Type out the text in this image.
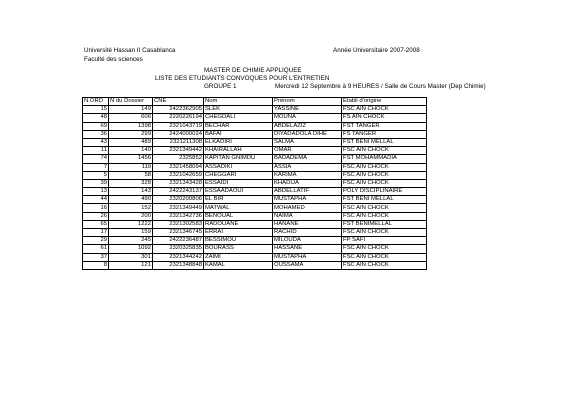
Université Hassan II Casablanca
Faculté des sciences
Année Universitaire 2007-2008
MASTER DE CHIMIE APPLIQUEE
LISTE DES ETUDIANTS CONVOQUES POUR L'ENTRETIEN
GROUPE 1	Mercredi 12 Septembre à 9 HEURES / Salle de Cours Master (Dep Chimie)
N.ORD	N du Dossier	CNE	Nom	Prénom	Etabli d'origine
15	149	2422362905	SLEK	YASSINE	FSC AIN CHOCK
48	606	2220226194	CHEGDALI	MOUNA	FS AIN CHOCK
69	1398	2321043719	BECHAR	ABDELAZIZ	FST TANGER
36	299	2424000024	BAFAI	DIYADADOLA DIHE	FS TANGER
43	489	2321211308	ELKADIRI	SALMA	FST BENI MELLAL
11	140	2321349442	KHAIRALLAH	OMAR	FSC AIN CHOCK
74	1456	2325852	KAPITAN GNIMDU	BADADEMA	FST MOHAMMADIA
7	119	2321458094	ASSADIKI	ASSIA	FSC AIN CHOCK
5	58	2321042659	CHEGGARI	KARIMA	FSC AIN CHOCK
39	328	2321343428	ESSAIDI	KHADIJA	FSC AIN CHOCK
13	143	2422243137	ESSAADAOUI	ABDELLATIF	POLY DISCIPLINAIRE
44	490	2320200806	EL BIR	MUSTAPHA	FST BENI MELLAL
16	152	2321349449	MATWAL	MOHAMED	FSC AIN CHOCK
26	200	2321342736	BENOUAL	NAIMA	FSC AIN CHOCK
65	1222	2321302583	RADOUANE	HANANE	FST BENIMELLAL
17	159	2321346745	ERRAI	RACHID	FSC AIN CHOCK
29	245	2422236487	BESSIMOU	MILOUDA	FP SAFI
61	1092	2320325835	BOURASS	HASSANE	FSC AIN CHOCK
37	301	2321344242	ZAIMI	MUSTAPHA	FSC AIN CHOCK
8	121	2321348848	KAMAL	OUSSAMA	FSC AIN CHOCK
